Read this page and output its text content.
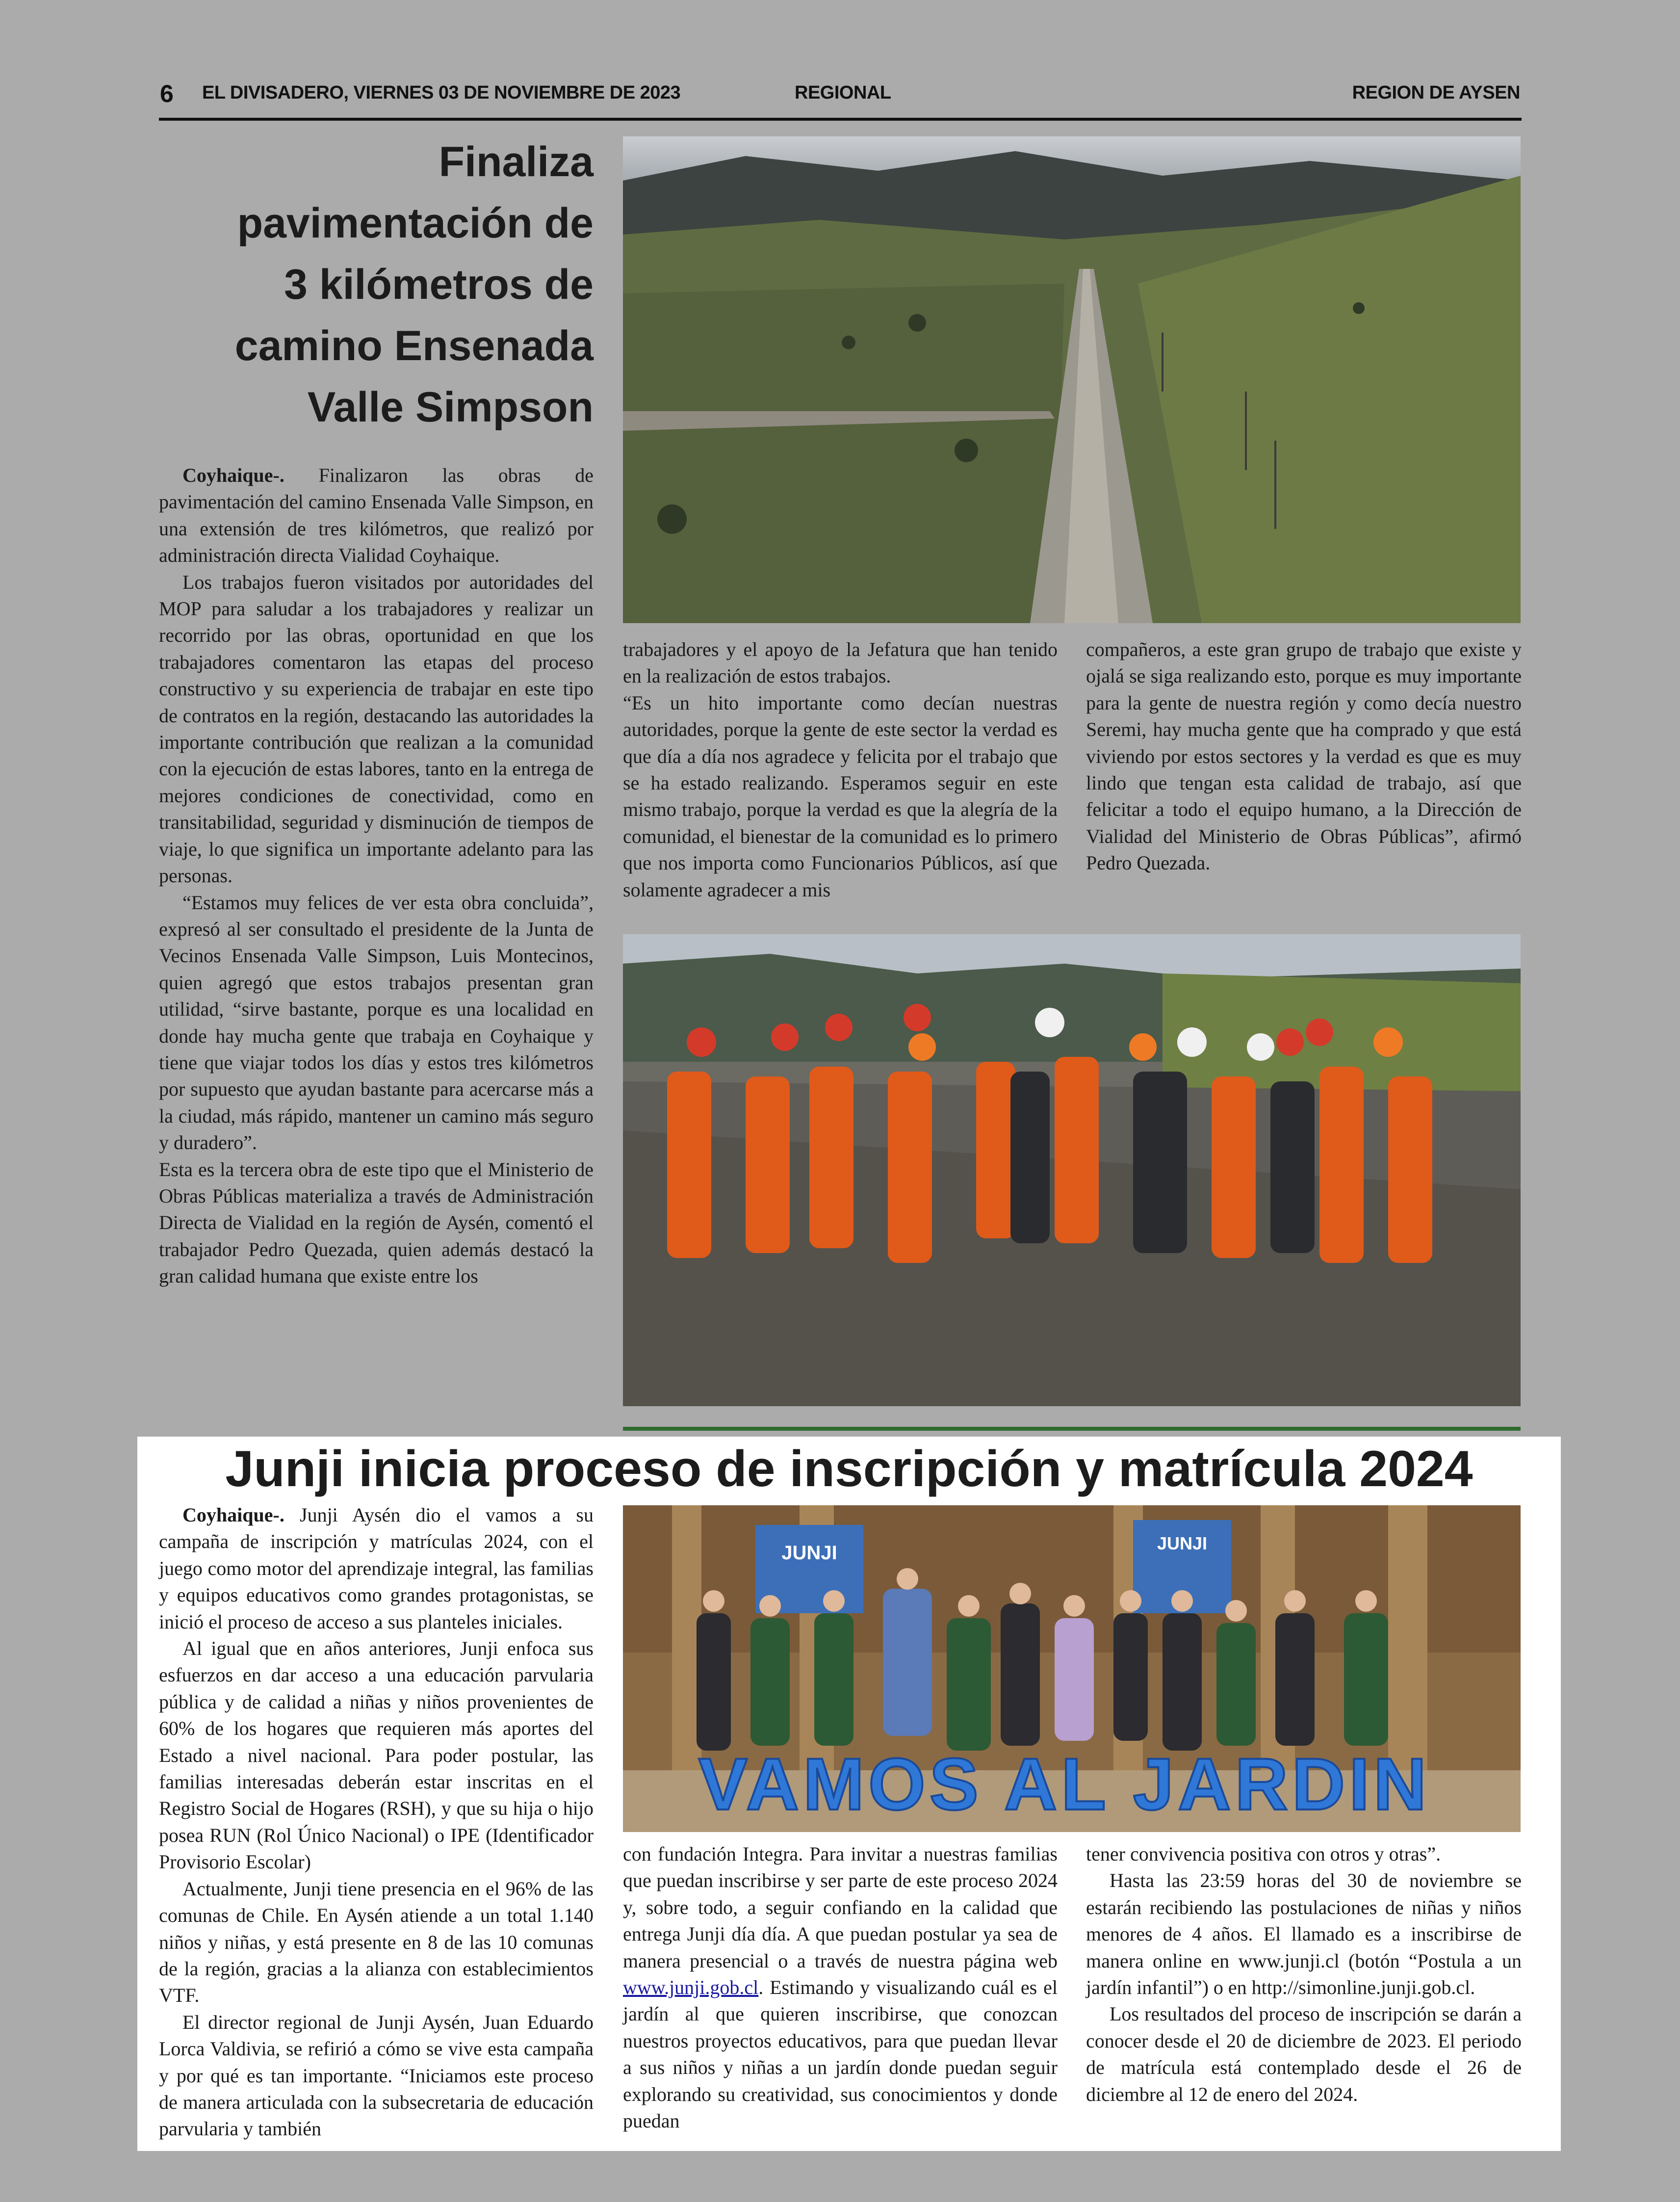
6 EL DIVISADERO, VIERNES 03 DE NOVIEMBRE DE 2023	REGIONAL	REGION DE AYSEN
Finaliza
pavimentación de
3 kilómetros de
camino Ensenada
Valle Simpson

Coyhaique-. Finalizaron las obras de pavimentación del camino Ensenada Valle Simpson, en una extensión de tres kilómetros, que realizó por administración directa Vialidad Coyhaique.

Los trabajos fueron visitados por autoridades del MOP para saludar a los trabajadores y realizar un recorrido por las obras, oportunidad en que los trabajadores comentaron las etapas del proceso constructivo y su experiencia de trabajar en este tipo de contratos en la región, destacando las autoridades la importante contribución que realizan a la comunidad con la ejecución de estas labores, tanto en la entrega de mejores condiciones de conectividad, como en transitabilidad, seguridad y disminución de tiempos de viaje, lo que significa un importante adelanto para las personas.

“Estamos muy felices de ver esta obra concluida”, expresó al ser consultado el presidente de la Junta de Vecinos Ensenada Valle Simpson, Luis Montecinos, quien agregó que estos trabajos presentan gran utilidad, “sirve bastante, porque es una localidad en donde hay mucha gente que trabaja en Coyhaique y tiene que viajar todos los días y estos tres kilómetros por supuesto que ayudan bastante para acercarse más a la ciudad, más rápido, mantener un camino más seguro y duradero”.

Esta es la tercera obra de este tipo que el Ministerio de Obras Públicas materializa a través de Administración Directa de Vialidad en la región de Aysén, comentó el trabajador Pedro Quezada, quien además destacó la gran calidad humana que existe entre los

trabajadores y el apoyo de la Jefatura que han tenido en la realización de estos trabajos.

“Es un hito importante como decían nuestras autoridades, porque la gente de este sector la verdad es que día a día nos agradece y felicita por el trabajo que se ha estado realizando. Esperamos seguir en este mismo trabajo, porque la verdad es que la alegría de la comunidad, el bienestar de la comunidad es lo primero que nos importa como Funcionarios Públicos, así que solamente agradecer a mis

compañeros, a este gran grupo de trabajo que existe y ojalá se siga realizando esto, porque es muy importante para la gente de nuestra región y como decía nuestro Seremi, hay mucha gente que ha comprado y que está viviendo por estos sectores y la verdad es que es muy lindo que tengan esta calidad de trabajo, así que felicitar a todo el equipo humano, a la Dirección de Vialidad del Ministerio de Obras Públicas”, afirmó Pedro Quezada.

Junji inicia proceso de inscripción y matrícula 2024

Coyhaique-. Junji Aysén dio el vamos a su campaña de inscripción y matrículas 2024, con el juego como motor del aprendizaje integral, las familias y equipos educativos como grandes protagonistas, se inició el proceso de acceso a sus planteles iniciales.

Al igual que en años anteriores, Junji enfoca sus esfuerzos en dar acceso a una educación parvularia pública y de calidad a niñas y niños provenientes de 60% de los hogares que requieren más aportes del Estado a nivel nacional. Para poder postular, las familias interesadas deberán estar inscritas en el Registro Social de Hogares (RSH), y que su hija o hijo posea RUN (Rol Único Nacional) o IPE (Identificador Provisorio Escolar)

Actualmente, Junji tiene presencia en el 96% de las comunas de Chile. En Aysén atiende a un total 1.140 niños y niñas, y está presente en 8 de las 10 comunas de la región, gracias a la alianza con establecimientos VTF.

El director regional de Junji Aysén, Juan Eduardo Lorca Valdivia, se refirió a cómo se vive esta campaña y por qué es tan importante. “Iniciamos este proceso de manera articulada con la subsecretaria de educación parvularia y también

JUNJI	JUNJI
VAMOS AL JARDIN

con fundación Integra. Para invitar a nuestras familias que puedan inscribirse y ser parte de este proceso 2024 y, sobre todo, a seguir confiando en la calidad que entrega Junji día día. A que puedan postular ya sea de manera presencial o a través de nuestra página web www.junji.gob.cl. Estimando y visualizando cuál es el jardín al que quieren inscribirse, que conozcan nuestros proyectos educativos, para que puedan llevar a sus niños y niñas a un jardín donde puedan seguir explorando su creatividad, sus conocimientos y donde puedan

tener convivencia positiva con otros y otras”.

Hasta las 23:59 horas del 30 de noviembre se estarán recibiendo las postulaciones de niñas y niños menores de 4 años. El llamado es a inscribirse de manera online en www.junji.cl (botón “Postula a un jardín infantil”) o en http://simonline.junji.gob.cl.

Los resultados del proceso de inscripción se darán a conocer desde el 20 de diciembre de 2023. El periodo de matrícula está contemplado desde el 26 de diciembre al 12 de enero del 2024.
